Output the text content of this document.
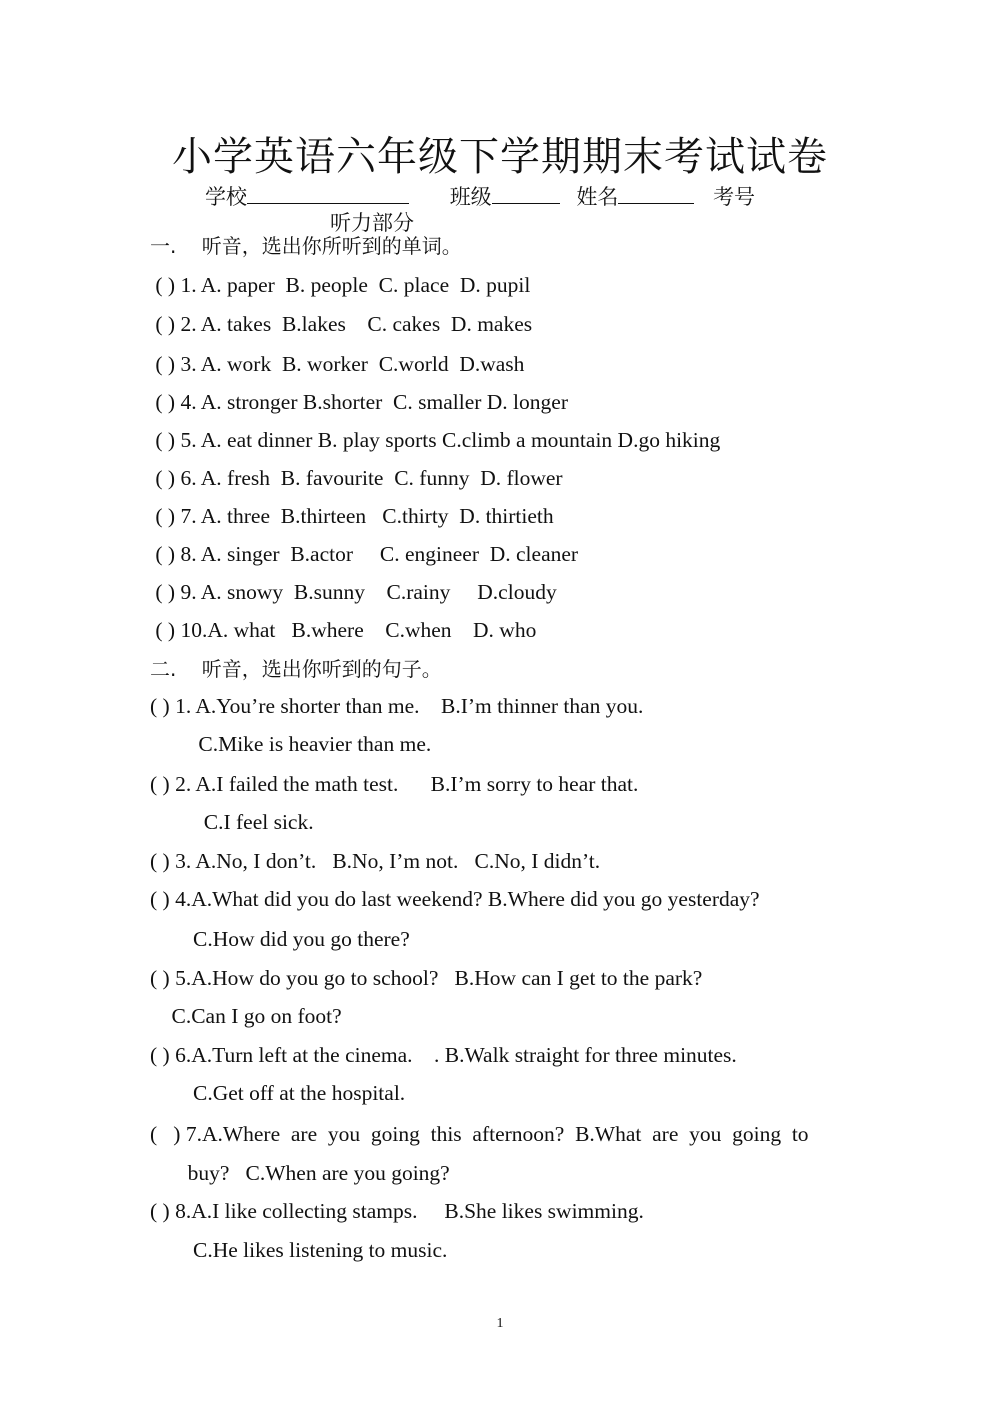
小学英语六年级下学期期末考试试卷
学校	班级	姓名	考号
听力部分
一.    听音，选出你所听到的单词。
( ) 1. A. paper  B. people  C. place  D. pupil
( ) 2. A. takes  B.lakes    C. cakes  D. makes
( ) 3. A. work  B. worker  C.world  D.wash
( ) 4. A. stronger B.shorter  C. smaller D. longer
( ) 5. A. eat dinner B. play sports C.climb a mountain D.go hiking
( ) 6. A. fresh  B. favourite  C. funny  D. flower
( ) 7. A. three  B.thirteen   C.thirty  D. thirtieth
( ) 8. A. singer  B.actor     C. engineer  D. cleaner
( ) 9. A. snowy  B.sunny    C.rainy     D.cloudy
( ) 10.A. what   B.where    C.when    D. who
二.    听音，选出你听到的句子。
( ) 1. A.You’re shorter than me.    B.I’m thinner than you.
C.Mike is heavier than me.
( ) 2. A.I failed the math test.      B.I’m sorry to hear that.
C.I feel sick.
( ) 3. A.No, I don’t.   B.No, I’m not.   C.No, I didn’t.
( ) 4.A.What did you do last weekend? B.Where did you go yesterday?
C.How did you go there?
( ) 5.A.How do you go to school?   B.How can I get to the park?
C.Can I go on foot?
( ) 6.A.Turn left at the cinema.    . B.Walk straight for three minutes.
C.Get off at the hospital.
(   ) 7.A.Where  are  you  going  this  afternoon?  B.What  are  you  going  to
buy?   C.When are you going?
( ) 8.A.I like collecting stamps.     B.She likes swimming.
C.He likes listening to music.
1
